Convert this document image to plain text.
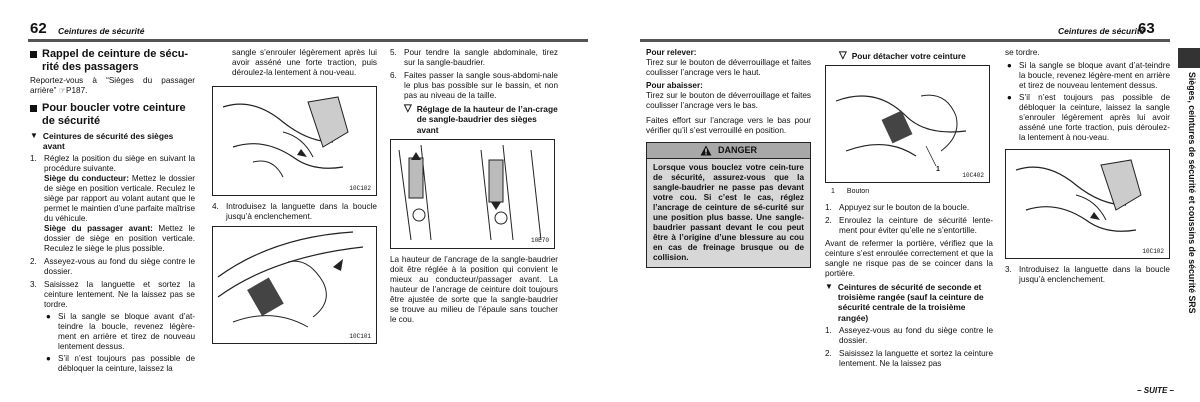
62 Ceintures de sécurité
Rappel de ceinture de sécu-rité des passagers

Reportez-vous à “Sièges du passager arrière” ☞P187.

Pour boucler votre ceinture de sécurité
▼ Ceintures de sécurité des sièges avant
1. Réglez la position du siège en suivant la procédure suivante.
Siège du conducteur: Mettez le dossier de siège en position verticale. Reculez le siège par rapport au volant autant que le permet le maintien d’une parfaite maîtrise du véhicule.
Siège du passager avant: Mettez le dossier de siège en position verticale. Reculez le siège le plus possible.
2. Asseyez-vous au fond du siège contre le dossier.
3. Saisissez la languette et sortez la ceinture lentement. Ne la laissez pas se tordre.
● Si la sangle se bloque avant d’at-teindre la boucle, revenez légère-ment en arrière et tirez de nouveau lentement dessus.
● S’il n’est toujours pas possible de débloquer la ceinture, laissez la

sangle s’enrouler légèrement après lui avoir asséné une forte traction, puis déroulez-la lentement à nou-veau.

10C102
4. Introduisez la languette dans la boucle jusqu’à enclenchement.
10C101
5. Pour tendre la sangle abdominale, tirez sur la sangle-baudrier.
6. Faites passer la sangle sous-abdomi-nale le plus bas possible sur le bassin, et non pas au niveau de la taille.
▽ Réglage de la hauteur de l’an-crage de sangle-baudrier des sièges avant
10E70

La hauteur de l’ancrage de la sangle-baudrier doit être réglée à la position qui convient le mieux au conducteur/passager avant. La hauteur de l’ancrage de ceinture doit toujours être ajustée de sorte que la sangle-baudrier se trouve au milieu de l’épaule sans toucher le cou.

Ceintures de sécurité
63

Pour relever:

Tirez sur le bouton de déverrouillage et faites coulisser l’ancrage vers le haut.

Pour abaisser:

Tirez sur le bouton de déverrouillage et faites coulisser l’ancrage vers le bas.

Faites effort sur l’ancrage vers le bas pour vérifier qu’il s’est verrouillé en position.

DANGER
Lorsque vous bouclez votre cein-ture de sécurité, assurez-vous que la sangle-baudrier ne passe pas devant votre cou. Si c’est le cas, réglez l’ancrage de ceinture de sé-curité sur une position plus basse. Une sangle-baudrier passant devant le cou peut être à l’origine d’une blessure au cou en cas de freinage brusque ou de collision.
▽ Pour détacher votre ceinture
1
10C402
1 Bouton
1. Appuyez sur le bouton de la boucle.
2. Enroulez la ceinture de sécurité lente-ment pour éviter qu’elle ne s’entortille.

Avant de refermer la portière, vérifiez que la ceinture s’est enroulée correctement et que la sangle ne risque pas de se coincer dans la portière.

▼ Ceintures de sécurité de seconde et troisième rangée (sauf la ceinture de sécurité centrale de la troisième rangée)
1. Asseyez-vous au fond du siège contre le dossier.
2. Saisissez la languette et sortez la ceinture lentement. Ne la laissez pas

se tordre.

● Si la sangle se bloque avant d’at-teindre la boucle, revenez légère-ment en arrière et tirez de nouveau lentement dessus.
● S’il n’est toujours pas possible de débloquer la ceinture, laissez la sangle s’enrouler légèrement après lui avoir asséné une forte traction, puis déroulez-la lentement à nou-veau.
10C102
3. Introduisez la languette dans la boucle jusqu’à enclenchement.	Sièges, ceintures de sécurité et coussins de sécurité SRS
– SUITE –
